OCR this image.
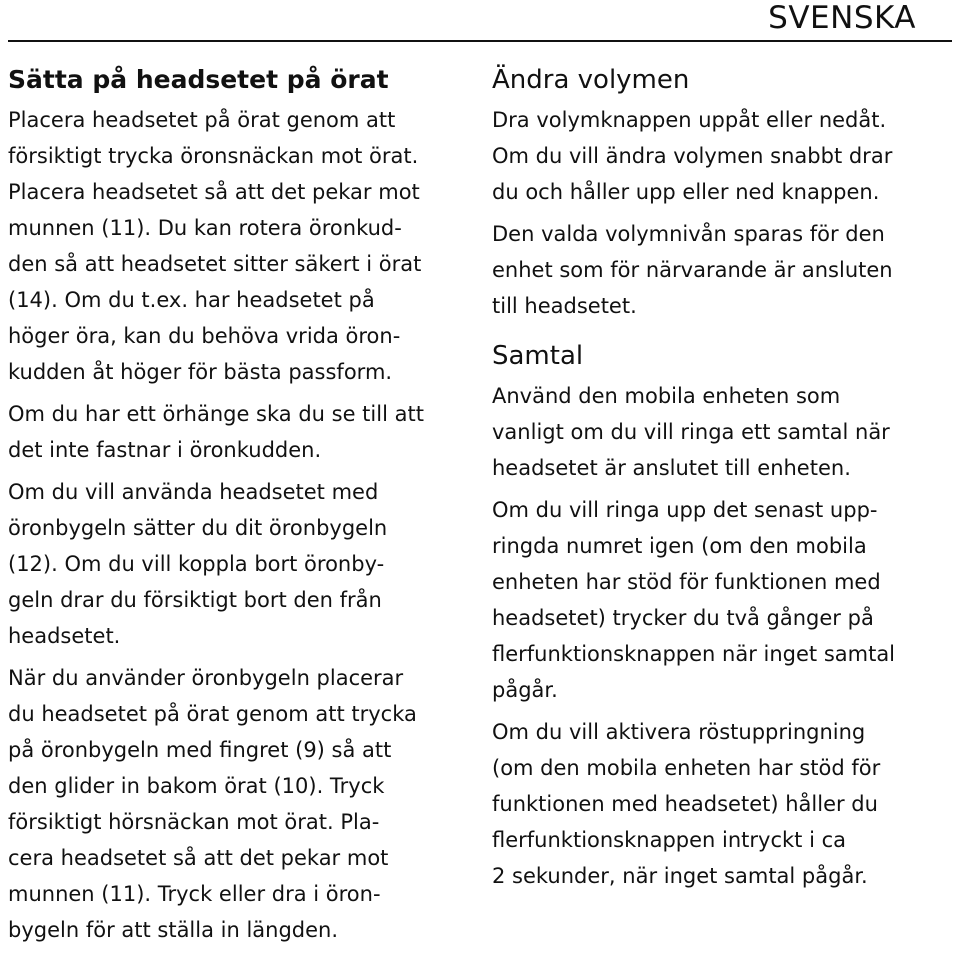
SVENSKA
Sätta på headsetet på örat

Placera headsetet på örat genom att
försiktigt trycka öronsnäckan mot örat.
Placera headsetet så att det pekar mot
munnen (11). Du kan rotera öronkud-
den så att headsetet sitter säkert i örat
(14). Om du t.ex. har headsetet på
höger öra, kan du behöva vrida öron-
kudden åt höger för bästa passform.

Om du har ett örhänge ska du se till att
det inte fastnar i öronkudden.

Om du vill använda headsetet med
öronbygeln sätter du dit öronbygeln
(12). Om du vill koppla bort öronby-
geln drar du försiktigt bort den från
headsetet.

När du använder öronbygeln placerar
du headsetet på örat genom att trycka
på öronbygeln med fingret (9) så att
den glider in bakom örat (10). Tryck
försiktigt hörsnäckan mot örat. Pla-
cera headsetet så att det pekar mot
munnen (11). Tryck eller dra i öron-
bygeln för att ställa in längden.

Ändra volymen

Dra volymknappen uppåt eller nedåt.
Om du vill ändra volymen snabbt drar
du och håller upp eller ned knappen.

Den valda volymnivån sparas för den
enhet som för närvarande är ansluten
till headsetet.

Samtal

Använd den mobila enheten som
vanligt om du vill ringa ett samtal när
headsetet är anslutet till enheten.

Om du vill ringa upp det senast upp-
ringda numret igen (om den mobila
enheten har stöd för funktionen med
headsetet) trycker du två gånger på
flerfunktionsknappen när inget samtal
pågår.

Om du vill aktivera röstuppringning
(om den mobila enheten har stöd för
funktionen med headsetet) håller du
flerfunktionsknappen intryckt i ca
2 sekunder, när inget samtal pågår.
